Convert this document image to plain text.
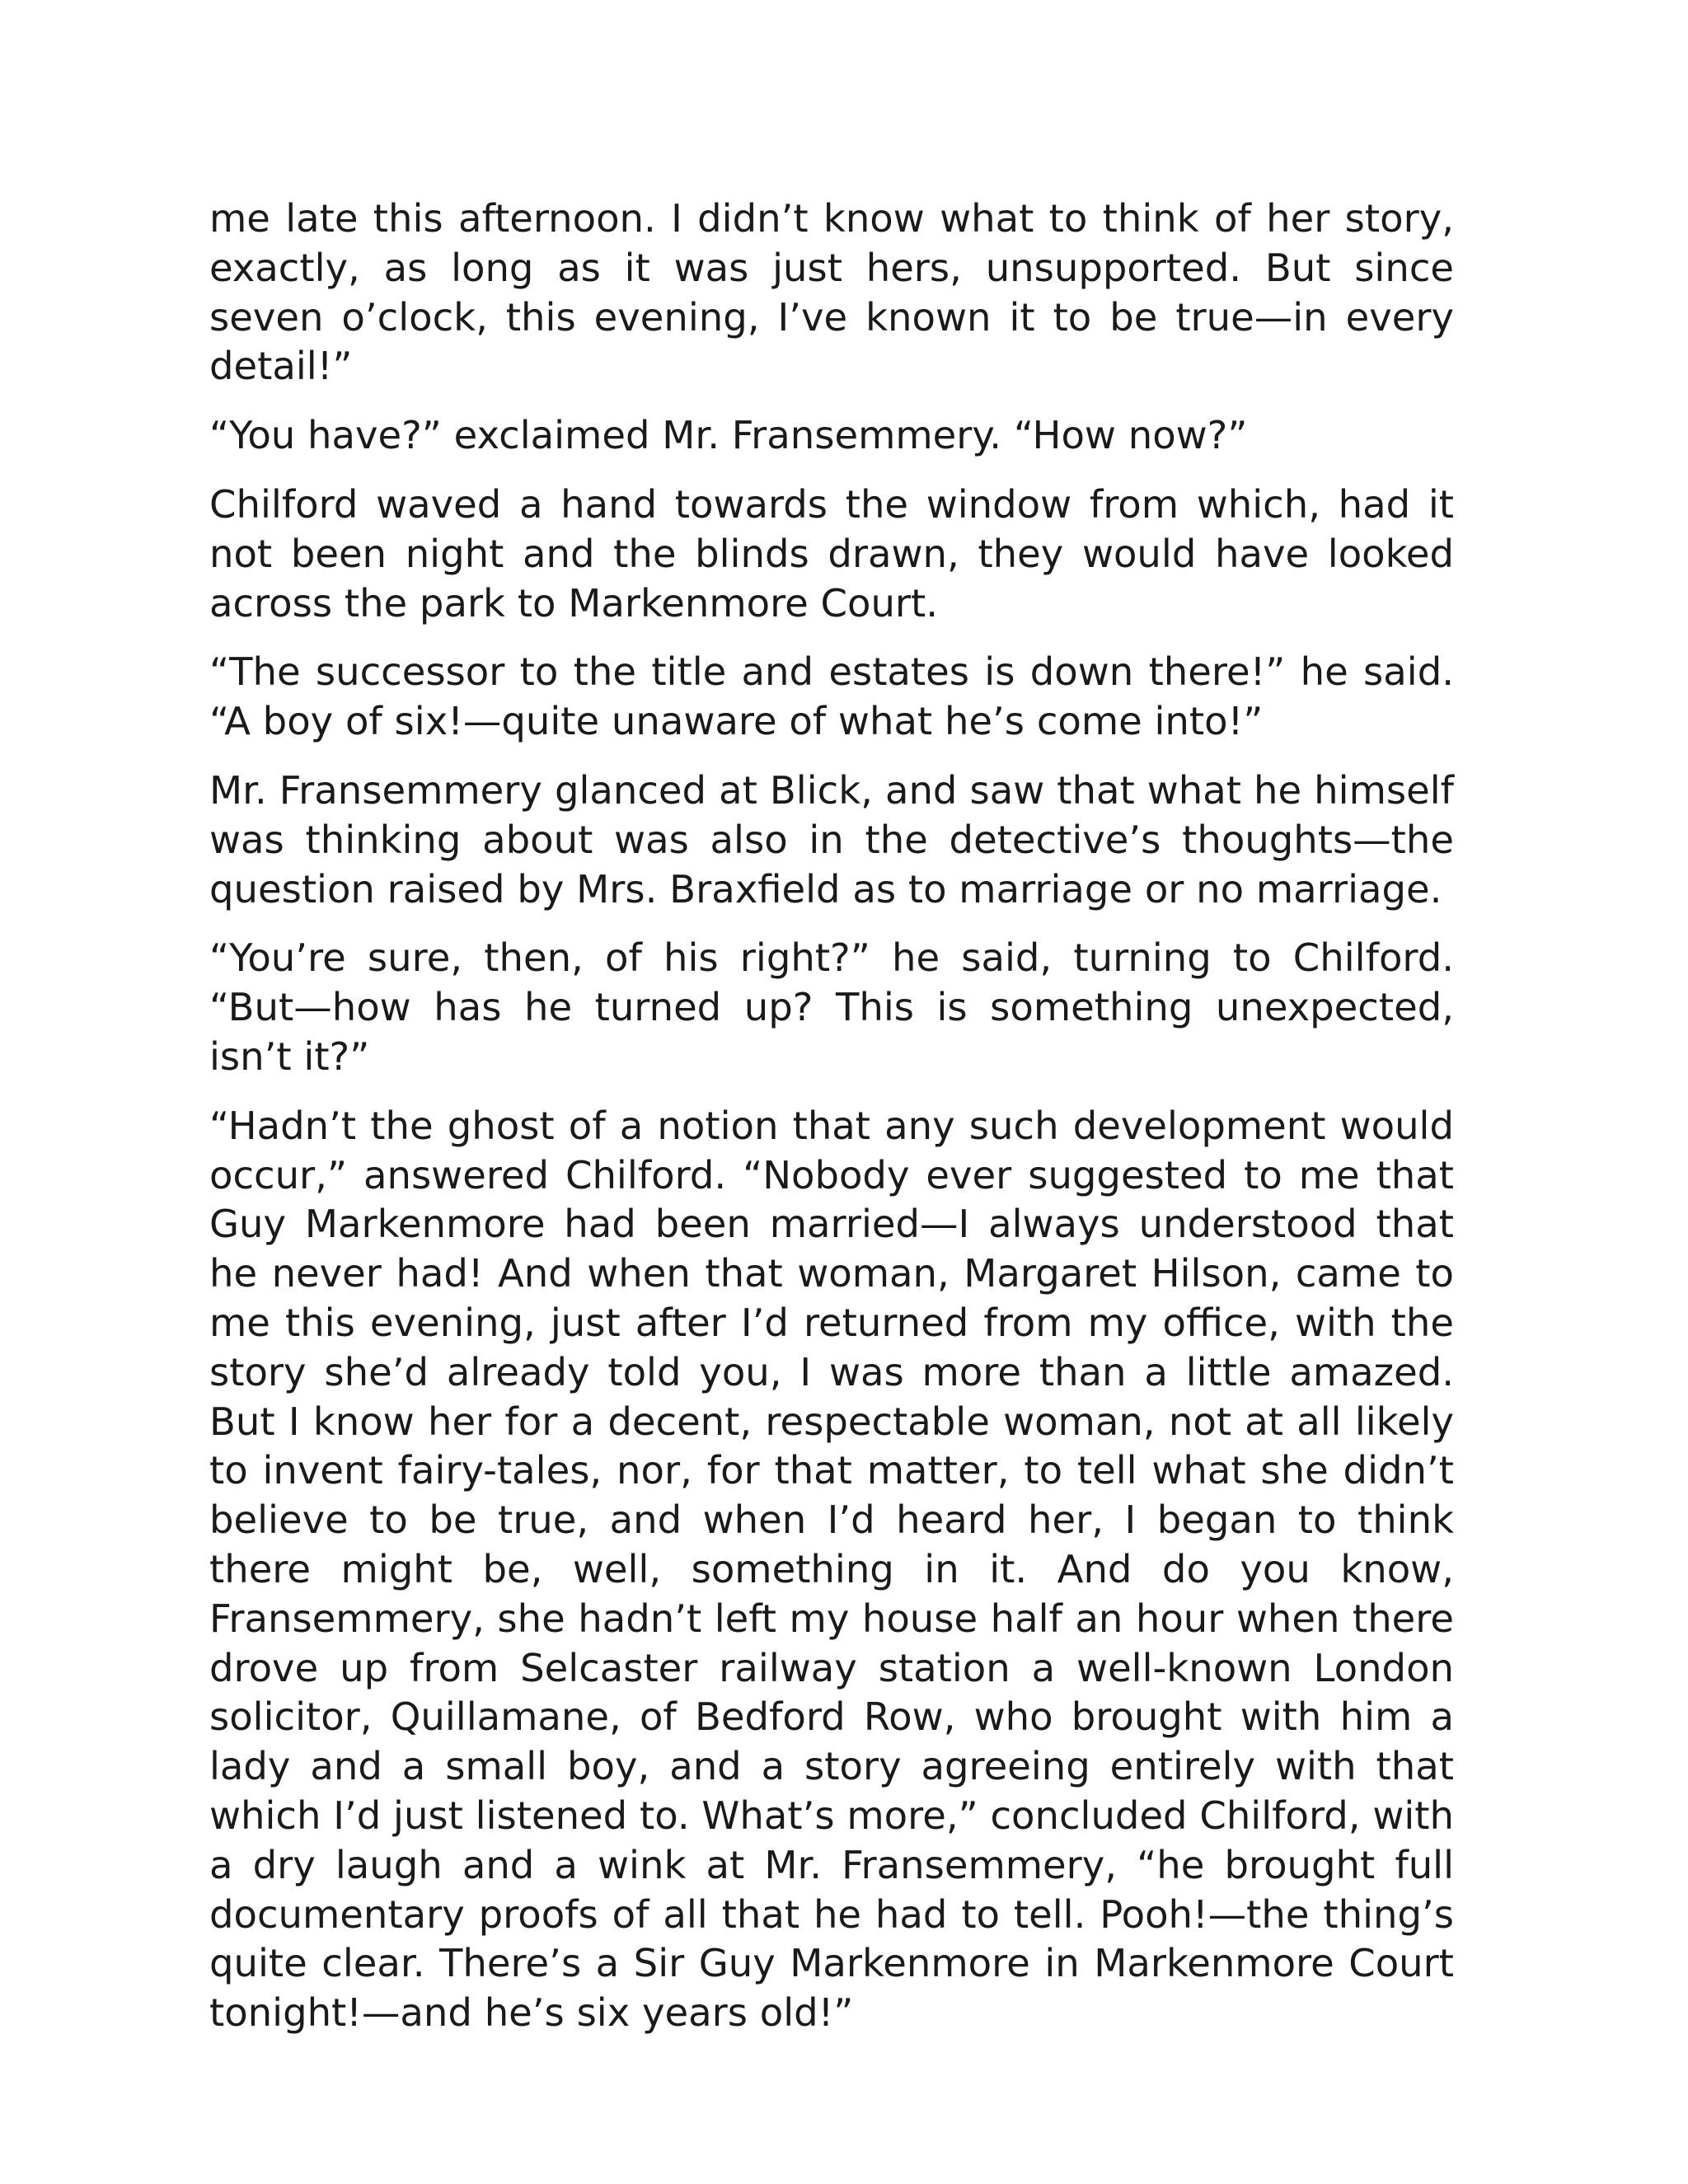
me late this afternoon. I didn’t know what to think of her story, exactly, as long as it was just hers, unsupported. But since seven o’clock, this evening, I’ve known it to be true—in every detail!”

“You have?” exclaimed Mr. Fransemmery. “How now?”

Chilford waved a hand towards the window from which, had it not been night and the blinds drawn, they would have looked across the park to Markenmore Court.

“The successor to the title and estates is down there!” he said. “A boy of six!—quite unaware of what he’s come into!”

Mr. Fransemmery glanced at Blick, and saw that what he himself was thinking about was also in the detective’s thoughts—the question raised by Mrs. Braxfield as to marriage or no marriage.

“You’re sure, then, of his right?” he said, turning to Chilford. “But—how has he turned up? This is something unexpected, isn’t it?”

“Hadn’t the ghost of a notion that any such development would occur,” answered Chilford. “Nobody ever suggested to me that Guy Markenmore had been married—I always understood that he never had! And when that woman, Margaret Hilson, came to me this evening, just after I’d returned from my office, with the story she’d already told you, I was more than a little amazed. But I know her for a decent, respectable woman, not at all likely to invent fairy-tales, nor, for that matter, to tell what she didn’t believe to be true, and when I’d heard her, I began to think there might be, well, something in it. And do you know, Fransemmery, she hadn’t left my house half an hour when there drove up from Selcaster railway station a well-known London solicitor, Quillamane, of Bedford Row, who brought with him a lady and a small boy, and a story agreeing entirely with that which I’d just listened to. What’s more,” concluded Chilford, with a dry laugh and a wink at Mr. Fransemmery, “he brought full documentary proofs of all that he had to tell. Pooh!—the thing’s quite clear. There’s a Sir Guy Markenmore in Markenmore Court tonight!—and he’s six years old!”
